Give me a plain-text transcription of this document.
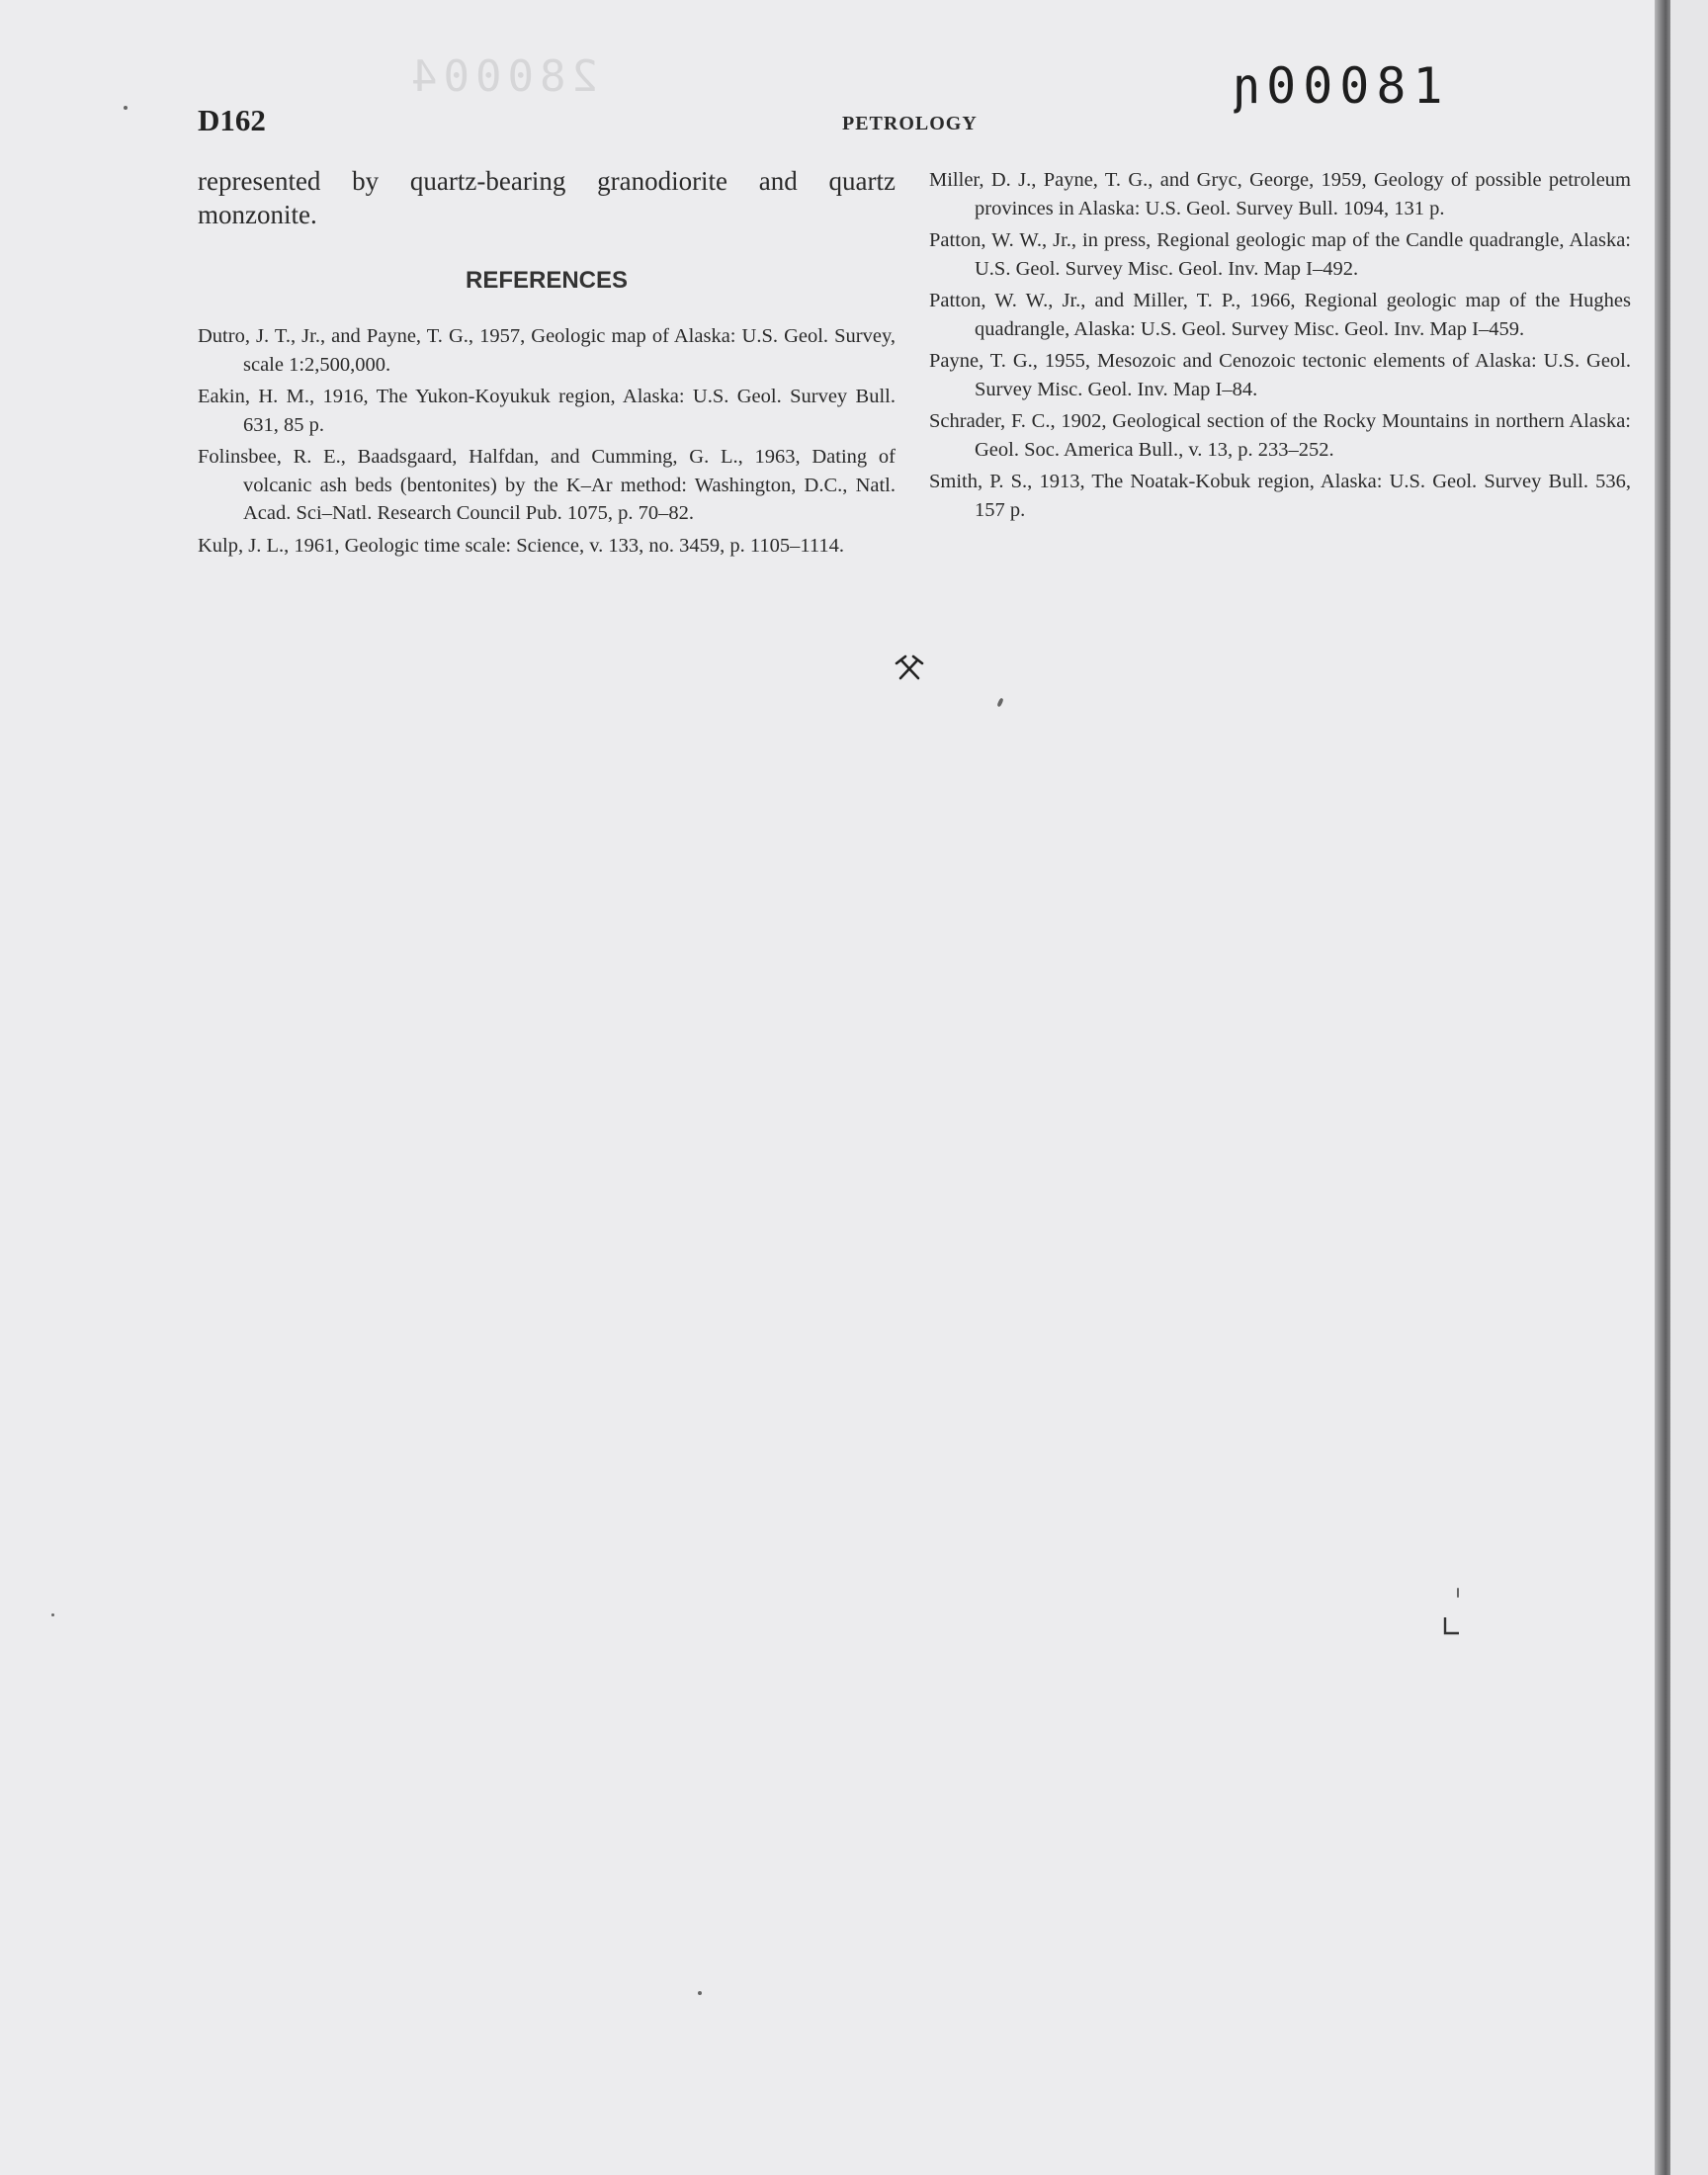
280004	ɲ00081
D162	PETROLOGY

represented by quartz-bearing granodiorite and quartz monzonite.

REFERENCES

Dutro, J. T., Jr., and Payne, T. G., 1957, Geologic map of Alaska: U.S. Geol. Survey, scale 1:2,500,000.

Eakin, H. M., 1916, The Yukon-Koyukuk region, Alaska: U.S. Geol. Survey Bull. 631, 85 p.

Folinsbee, R. E., Baadsgaard, Halfdan, and Cumming, G. L., 1963, Dating of volcanic ash beds (bentonites) by the K–Ar method: Washington, D.C., Natl. Acad. Sci–Natl. Research Council Pub. 1075, p. 70–82.

Kulp, J. L., 1961, Geologic time scale: Science, v. 133, no. 3459, p. 1105–1114.

Miller, D. J., Payne, T. G., and Gryc, George, 1959, Geology of possible petroleum provinces in Alaska: U.S. Geol. Survey Bull. 1094, 131 p.

Patton, W. W., Jr., in press, Regional geologic map of the Candle quadrangle, Alaska: U.S. Geol. Survey Misc. Geol. Inv. Map I–492.

Patton, W. W., Jr., and Miller, T. P., 1966, Regional geologic map of the Hughes quadrangle, Alaska: U.S. Geol. Survey Misc. Geol. Inv. Map I–459.

Payne, T. G., 1955, Mesozoic and Cenozoic tectonic elements of Alaska: U.S. Geol. Survey Misc. Geol. Inv. Map I–84.

Schrader, F. C., 1902, Geological section of the Rocky Mountains in northern Alaska: Geol. Soc. America Bull., v. 13, p. 233–252.

Smith, P. S., 1913, The Noatak-Kobuk region, Alaska: U.S. Geol. Survey Bull. 536, 157 p.
